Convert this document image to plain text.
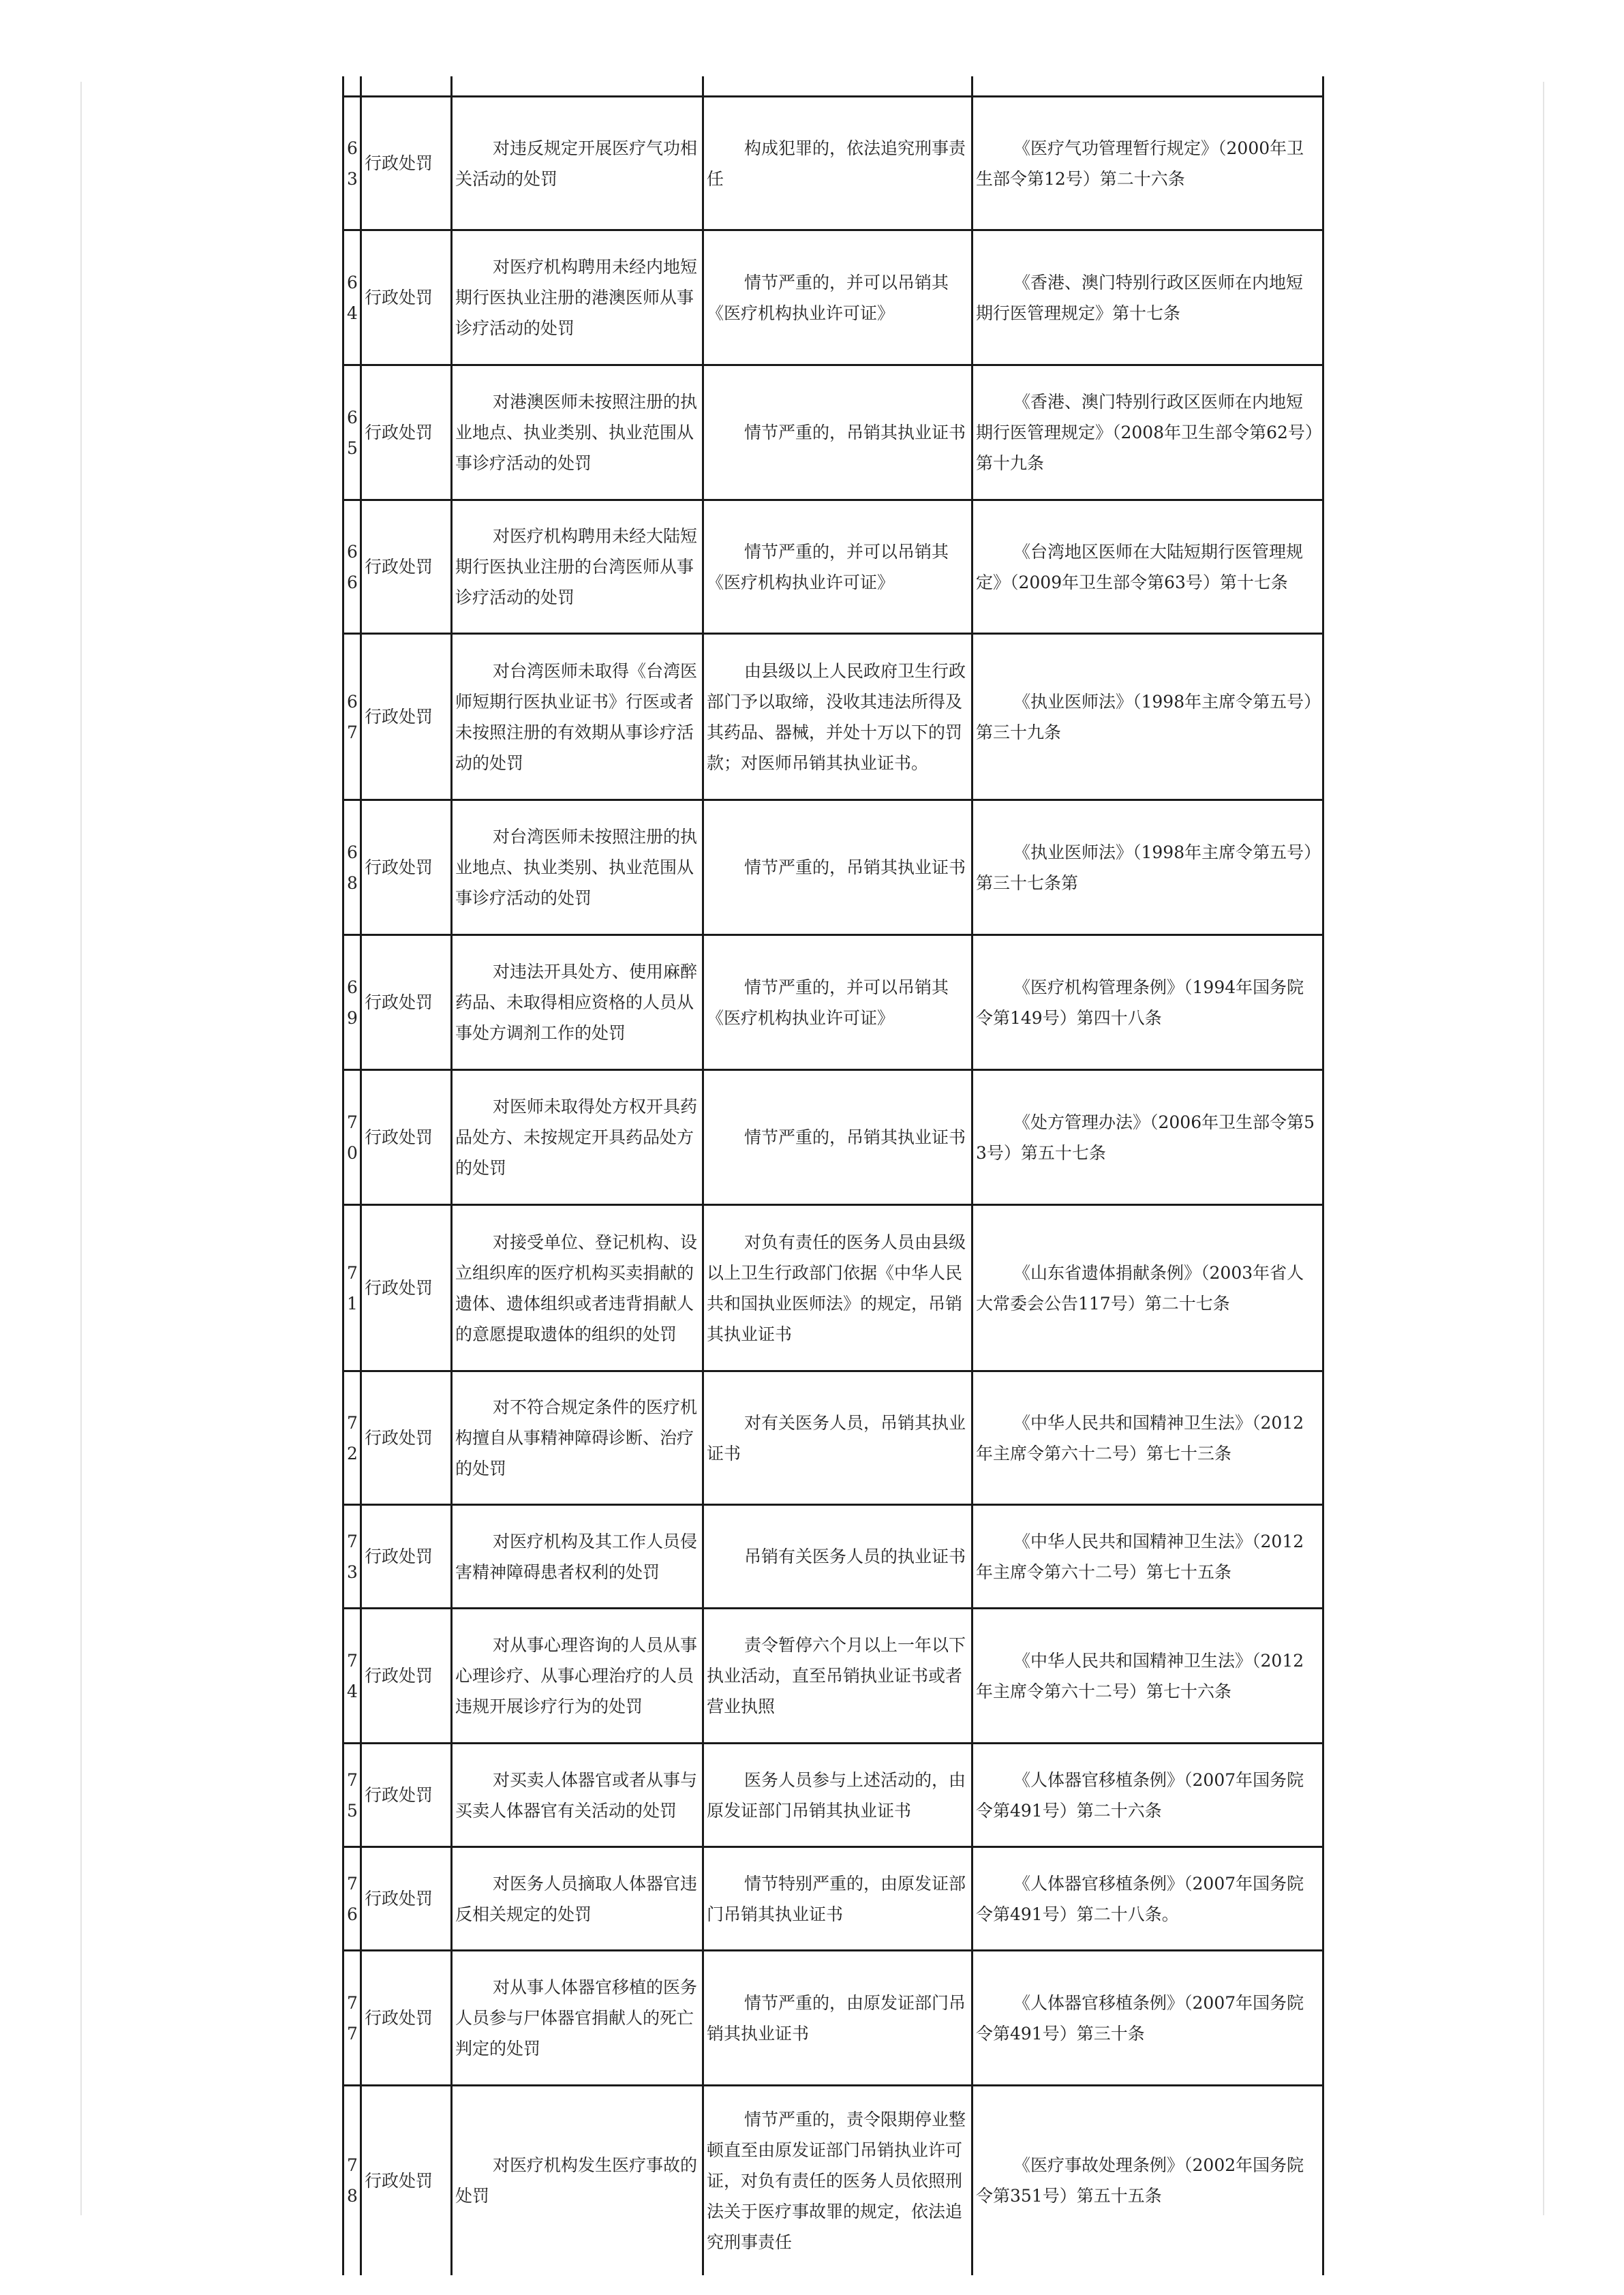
63	行政处罚	对违反规定开展医疗气功相关活动的处罚	构成犯罪的，依法追究刑事责任	《医疗气功管理暂行规定》（2000年卫生部令第12号）第二十六条
64	行政处罚	对医疗机构聘用未经内地短期行医执业注册的港澳医师从事诊疗活动的处罚	情节严重的，并可以吊销其《医疗机构执业许可证》	《香港、澳门特别行政区医师在内地短期行医管理规定》第十七条
65	行政处罚	对港澳医师未按照注册的执业地点、执业类别、执业范围从事诊疗活动的处罚	情节严重的，吊销其执业证书	《香港、澳门特别行政区医师在内地短期行医管理规定》（2008年卫生部令第62号）第十九条
66	行政处罚	对医疗机构聘用未经大陆短期行医执业注册的台湾医师从事诊疗活动的处罚	情节严重的，并可以吊销其《医疗机构执业许可证》	《台湾地区医师在大陆短期行医管理规定》（2009年卫生部令第63号）第十七条
67	行政处罚	对台湾医师未取得《台湾医师短期行医执业证书》行医或者未按照注册的有效期从事诊疗活动的处罚	由县级以上人民政府卫生行政部门予以取缔，没收其违法所得及其药品、器械，并处十万以下的罚款；对医师吊销其执业证书。	《执业医师法》（1998年主席令第五号）第三十九条
68	行政处罚	对台湾医师未按照注册的执业地点、执业类别、执业范围从事诊疗活动的处罚	情节严重的，吊销其执业证书	《执业医师法》（1998年主席令第五号）第三十七条第
69	行政处罚	对违法开具处方、使用麻醉药品、未取得相应资格的人员从事处方调剂工作的处罚	情节严重的，并可以吊销其《医疗机构执业许可证》	《医疗机构管理条例》（1994年国务院令第149号）第四十八条
70	行政处罚	对医师未取得处方权开具药品处方、未按规定开具药品处方的处罚	情节严重的，吊销其执业证书	《处方管理办法》（2006年卫生部令第53号）第五十七条
71	行政处罚	对接受单位、登记机构、设立组织库的医疗机构买卖捐献的遗体、遗体组织或者违背捐献人的意愿提取遗体的组织的处罚	对负有责任的医务人员由县级以上卫生行政部门依据《中华人民共和国执业医师法》的规定，吊销其执业证书	《山东省遗体捐献条例》（2003年省人大常委会公告117号）第二十七条
72	行政处罚	对不符合规定条件的医疗机构擅自从事精神障碍诊断、治疗的处罚	对有关医务人员，吊销其执业证书	《中华人民共和国精神卫生法》（2012年主席令第六十二号）第七十三条
73	行政处罚	对医疗机构及其工作人员侵害精神障碍患者权利的处罚	吊销有关医务人员的执业证书	《中华人民共和国精神卫生法》（2012年主席令第六十二号）第七十五条
74	行政处罚	对从事心理咨询的人员从事心理诊疗、从事心理治疗的人员违规开展诊疗行为的处罚	责令暂停六个月以上一年以下执业活动，直至吊销执业证书或者营业执照	《中华人民共和国精神卫生法》（2012年主席令第六十二号）第七十六条
75	行政处罚	对买卖人体器官或者从事与买卖人体器官有关活动的处罚	医务人员参与上述活动的，由原发证部门吊销其执业证书	《人体器官移植条例》（2007年国务院令第491号）第二十六条
76	行政处罚	对医务人员摘取人体器官违反相关规定的处罚	情节特别严重的，由原发证部门吊销其执业证书	《人体器官移植条例》（2007年国务院令第491号）第二十八条。
77	行政处罚	对从事人体器官移植的医务人员参与尸体器官捐献人的死亡判定的处罚	情节严重的，由原发证部门吊销其执业证书	《人体器官移植条例》（2007年国务院令第491号）第三十条
78	行政处罚	对医疗机构发生医疗事故的处罚	情节严重的，责令限期停业整顿直至由原发证部门吊销执业许可证，对负有责任的医务人员依照刑法关于医疗事故罪的规定，依法追究刑事责任	《医疗事故处理条例》（2002年国务院令第351号）第五十五条
